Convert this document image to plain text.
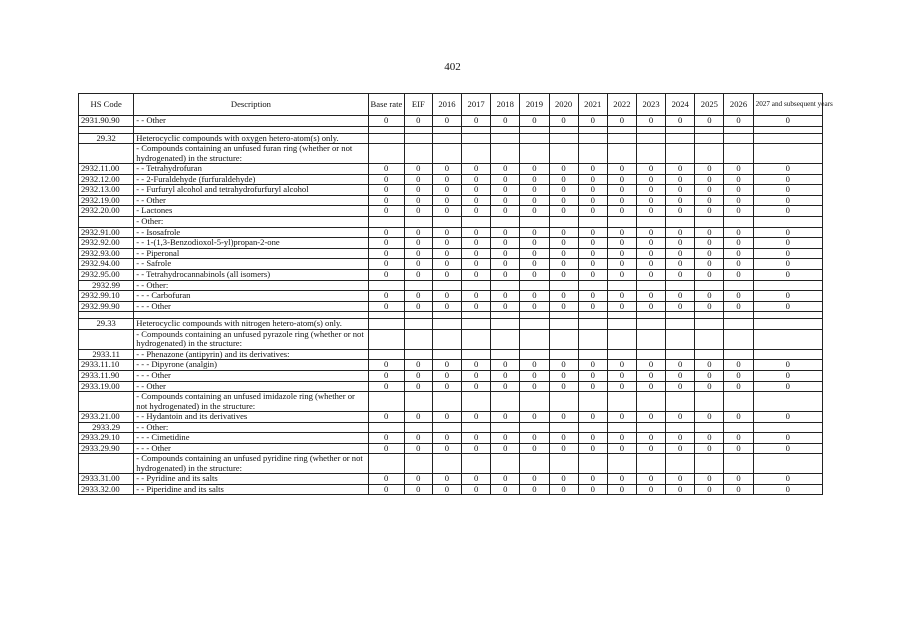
402
HS Code	Description	Base rate	EIF	2016	2017	2018	2019	2020	2021	2022	2023	2024	2025	2026	2027 and subsequent years
2931.90.90	- - Other	0	0	0	0	0	0	0	0	0	0	0	0	0	0

29.32	Heterocyclic compounds with oxygen hetero-atom(s) only.														
	- Compounds containing an unfused furan ring (whether or not hydrogenated) in the structure:														
2932.11.00	- - Tetrahydrofuran	0	0	0	0	0	0	0	0	0	0	0	0	0	0
2932.12.00	- - 2-Furaldehyde (furfuraldehyde)	0	0	0	0	0	0	0	0	0	0	0	0	0	0
2932.13.00	- - Furfuryl alcohol and tetrahydrofurfuryl alcohol	0	0	0	0	0	0	0	0	0	0	0	0	0	0
2932.19.00	- - Other	0	0	0	0	0	0	0	0	0	0	0	0	0	0
2932.20.00	- Lactones	0	0	0	0	0	0	0	0	0	0	0	0	0	0
	- Other:														
2932.91.00	- - Isosafrole	0	0	0	0	0	0	0	0	0	0	0	0	0	0
2932.92.00	- - 1-(1,3-Benzodioxol-5-yl)propan-2-one	0	0	0	0	0	0	0	0	0	0	0	0	0	0
2932.93.00	- - Piperonal	0	0	0	0	0	0	0	0	0	0	0	0	0	0
2932.94.00	- - Safrole	0	0	0	0	0	0	0	0	0	0	0	0	0	0
2932.95.00	- - Tetrahydrocannabinols (all isomers)	0	0	0	0	0	0	0	0	0	0	0	0	0	0
2932.99	- - Other:														
2932.99.10	- - - Carbofuran	0	0	0	0	0	0	0	0	0	0	0	0	0	0
2932.99.90	- - - Other	0	0	0	0	0	0	0	0	0	0	0	0	0	0

29.33	Heterocyclic compounds with nitrogen hetero-atom(s) only.														
	- Compounds containing an unfused pyrazole ring (whether or not hydrogenated) in the structure:														
2933.11	- - Phenazone (antipyrin) and its derivatives:														
2933.11.10	- - - Dipyrone (analgin)	0	0	0	0	0	0	0	0	0	0	0	0	0	0
2933.11.90	- - - Other	0	0	0	0	0	0	0	0	0	0	0	0	0	0
2933.19.00	- - Other	0	0	0	0	0	0	0	0	0	0	0	0	0	0
	- Compounds containing an unfused imidazole ring (whether or not hydrogenated) in the structure:														
2933.21.00	- - Hydantoin and its derivatives	0	0	0	0	0	0	0	0	0	0	0	0	0	0
2933.29	- - Other:														
2933.29.10	- - - Cimetidine	0	0	0	0	0	0	0	0	0	0	0	0	0	0
2933.29.90	- - - Other	0	0	0	0	0	0	0	0	0	0	0	0	0	0
	- Compounds containing an unfused pyridine ring (whether or not hydrogenated) in the structure:														
2933.31.00	- - Pyridine and its salts	0	0	0	0	0	0	0	0	0	0	0	0	0	0
2933.32.00	- - Piperidine and its salts	0	0	0	0	0	0	0	0	0	0	0	0	0	0
